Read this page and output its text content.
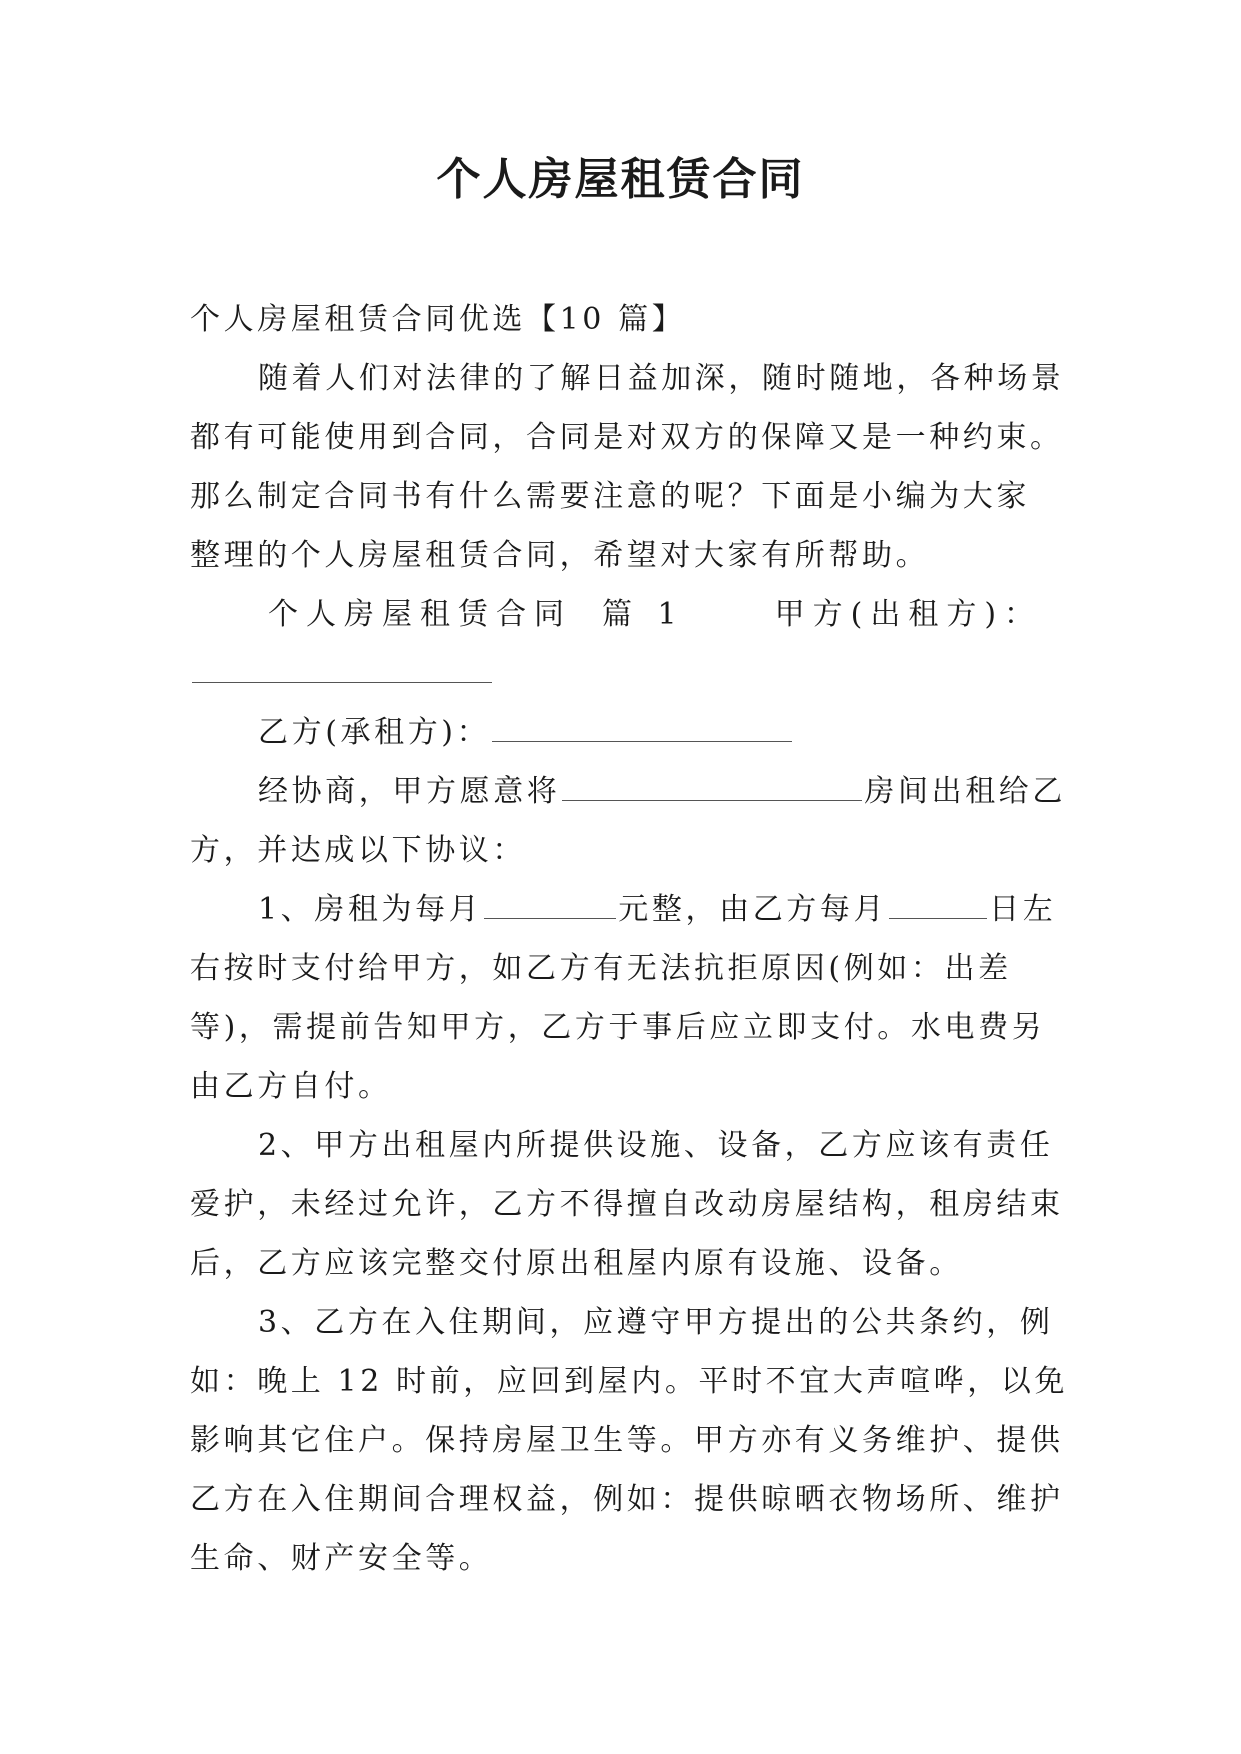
个人房屋租赁合同

个人房屋租赁合同优选【10 篇】

随着人们对法律的了解日益加深，随时随地，各种场景

都有可能使用到合同，合同是对双方的保障又是一种约束。

那么制定合同书有什么需要注意的呢？下面是小编为大家

整理的个人房屋租赁合同，希望对大家有所帮助。

个人房屋租赁合同 篇 1	甲方(出租方)：

乙方(承租方)：

经协商，甲方愿意将	房间出租给乙

方，并达成以下协议：

1、房租为每月	元整，由乙方每月	日左

右按时支付给甲方，如乙方有无法抗拒原因(例如：出差

等)，需提前告知甲方，乙方于事后应立即支付。水电费另

由乙方自付。

2、甲方出租屋内所提供设施、设备，乙方应该有责任

爱护，未经过允许，乙方不得擅自改动房屋结构，租房结束

后，乙方应该完整交付原出租屋内原有设施、设备。

3、乙方在入住期间，应遵守甲方提出的公共条约，例

如：晚上 12 时前，应回到屋内。平时不宜大声喧哗，以免

影响其它住户。保持房屋卫生等。甲方亦有义务维护、提供

乙方在入住期间合理权益，例如：提供晾晒衣物场所、维护

生命、财产安全等。
